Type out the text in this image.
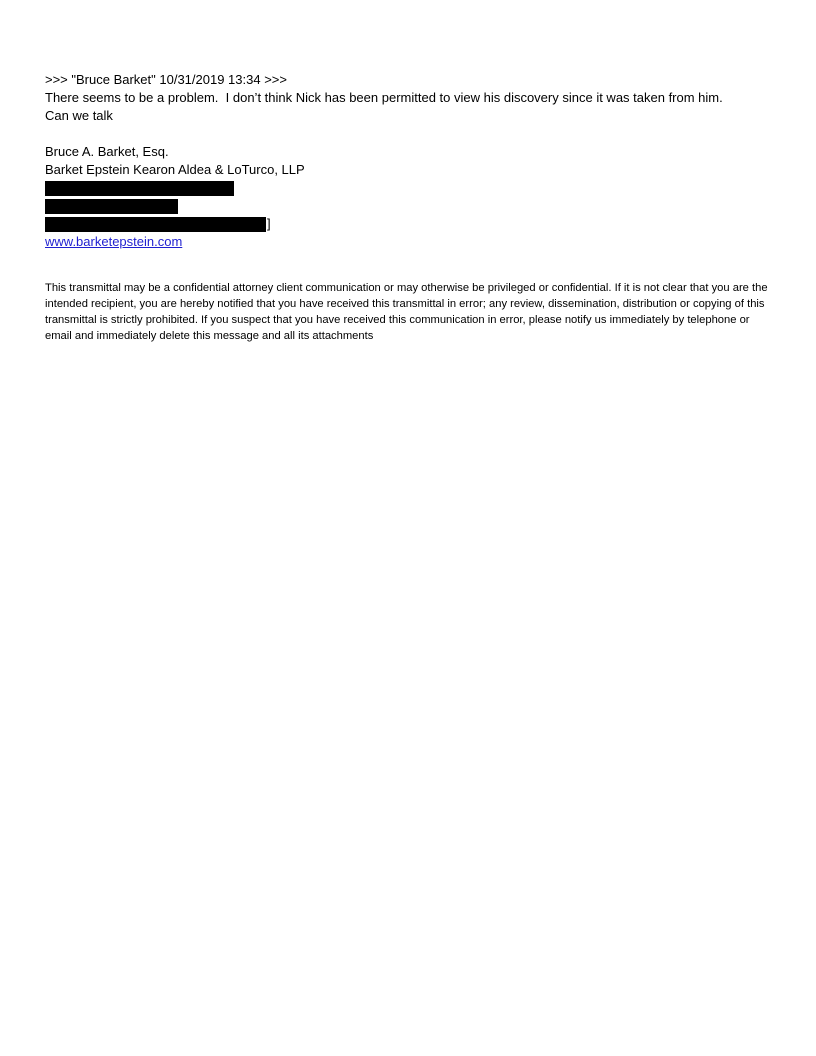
>>> "Bruce Barket" 10/31/2019 13:34 >>>

There seems to be a problem.  I don’t think Nick has been permitted to view his discovery since it was taken from him.

Can we talk

Bruce A. Barket, Esq.

Barket Epstein Kearon Aldea & LoTurco, LLP

]
www.barketepstein.com

This transmittal may be a confidential attorney client communication or may otherwise be privileged or confidential. If it is not clear that you are the intended recipient, you are hereby notified that you have received this transmittal in error; any review, dissemination, distribution or copying of this transmittal is strictly prohibited. If you suspect that you have received this communication in error, please notify us immediately by telephone or email and immediately delete this message and all its attachments
